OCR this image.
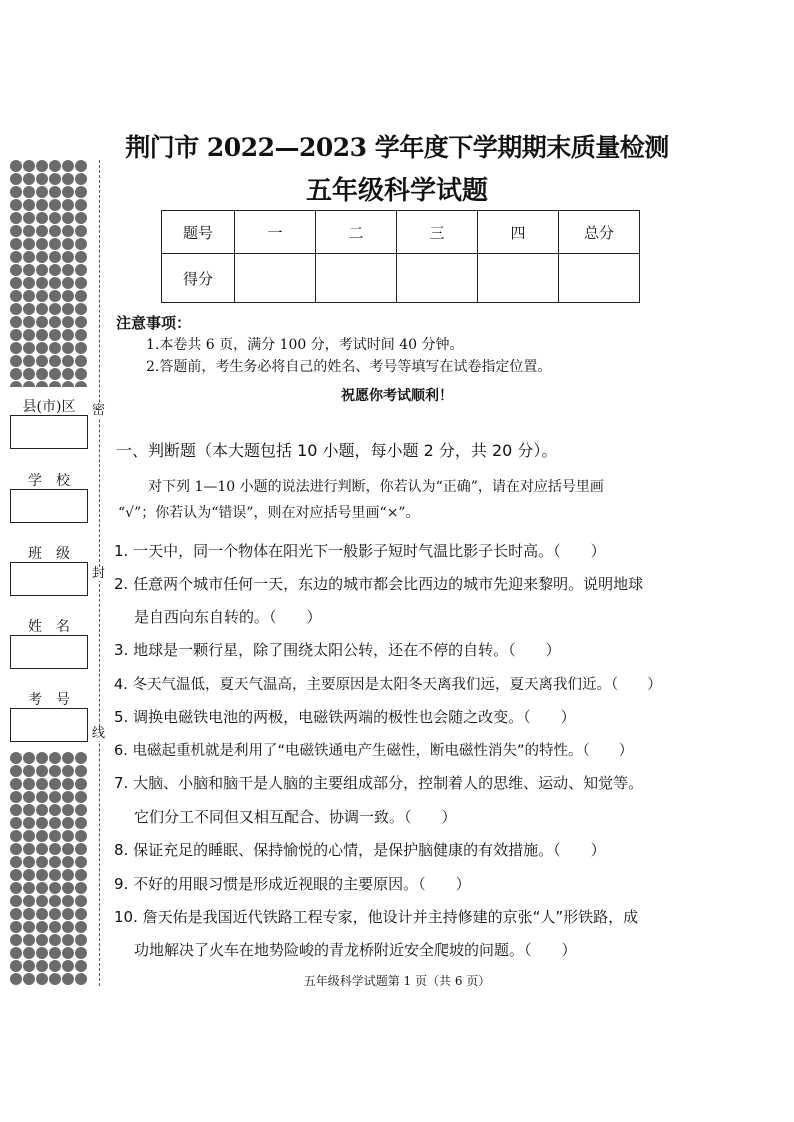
县(市)区
学　校
班　级
姓　名
考　号
密
封
线
荆门市 2022—2023 学年度下学期期末质量检测
五年级科学试题
题号	一	二	三	四	总分
得分					
注意事项：
1.本卷共 6 页，满分 100 分，考试时间 40 分钟。
2.答题前，考生务必将自己的姓名、考号等填写在试卷指定位置。
祝愿你考试顺利！
一、判断题（本大题包括 10 小题，每小题 2 分，共 20 分）。
对下列 1—10 小题的说法进行判断，你若认为“正确”，请在对应括号里画
“√”；你若认为“错误”，则在对应括号里画“×”。
1. 一天中，同一个物体在阳光下一般影子短时气温比影子长时高。（　　）
2. 任意两个城市任何一天，东边的城市都会比西边的城市先迎来黎明。说明地球
是自西向东自转的。（　　）
3. 地球是一颗行星，除了围绕太阳公转，还在不停的自转。（　　）
4. 冬天气温低，夏天气温高，主要原因是太阳冬天离我们远，夏天离我们近。（　　）
5. 调换电磁铁电池的两极，电磁铁两端的极性也会随之改变。（　　）
6. 电磁起重机就是利用了“电磁铁通电产生磁性，断电磁性消失”的特性。（　　）
7. 大脑、小脑和脑干是人脑的主要组成部分，控制着人的思维、运动、知觉等。
它们分工不同但又相互配合、协调一致。（　　）
8. 保证充足的睡眠、保持愉悦的心情，是保护脑健康的有效措施。（　　）
9. 不好的用眼习惯是形成近视眼的主要原因。（　　）
10. 詹天佑是我国近代铁路工程专家，他设计并主持修建的京张“人”形铁路，成
功地解决了火车在地势险峻的青龙桥附近安全爬坡的问题。（　　）
五年级科学试题第 1 页（共 6 页）
